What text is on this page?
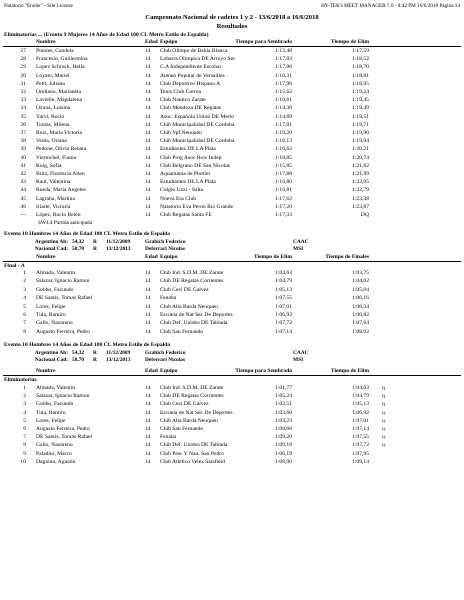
Natatorio "Enoler" - Site License	HY-TEK's MEET MANAGER 7.0 - 8:42 PM 16/6/2018 Página 14
Campeonato Nacional de cadetes 1 y 2 - 13/6/2018 a 16/6/2018
Resultados
Eliminatorias ... (Evento 9 Mujeres 14 Años de Edad 100 CL Metro Estilo de Espalda)
Nombre	Edad Equipo	Tiempo para Sembrado	Tiempo de Elim
27 Pomies, Candela	14 Club Olimpo de Bahía Blanca	1:13,48	1:17,59
28 Francesio, Guillermina	14 Lobarra Olimpica DE Arroyo Sec	1:17,03	1:18,52
29 Lopez Schrock, Hella	14 C.A Independiente Escobar	1:17,06	1:18,70
30 Loyato, Mariel	14 Ateneo Popular de Versailles	1:16,31	1:18,81
31 Petit, Juliana	14 Club Deportivo Hispano A	1:17,96	1:18,95
32 Orellano, Marianela	14 Tenis Club Correa	1:15,62	1:19,24
33 Lavielle, Magdalena	14 Club Nautico Zarate	1:16,61	1:19,45
34 Ozuna, Luisina	14 Club Mendoza DE Regatas	1:14,30	1:19,49
35 Yarvi, Rocio	14 Asoc. Española Union DE Merlo	1:14,89	1:19,51
36 Tomas, Milena	14 Club Municipalidad DE Cordoba	1:17,01	1:19,71
37 Ruiz, María Victoria	14 Club Ypf Neuquén	1:19,20	1:19,90
38 Vedia, Oriana	14 Club Municipalidad DE Cordoba	1:18,13	1:19,94
39 Pedone, Olivia Renata	14 Estudiantes DE LA Plata	1:16,62	1:20,21
40 Viernichel, Fiama	14 Club Prog Asoc Row Indep	1:18,85	1:20,74
41 Roig, Sofia	14 Club Belgrano DE San Nicolas	1:15,85	1:21,82
42 Britz, Florencia Allen	14 Aquamania de Plottier	1:17,88	1:21,99
43 Raul, Valentina	14 Estudiantes DE LA Plata	1:16,80	1:22,05
44 Rueda, Maria Angeles	14 Colgio Uzzi - Salta	1:16,81	1:22,79
45 Lagraba, Martina	14 Nueva Era Club	1:17,62	1:23,38
46 Iriarte, Victoria	14 Natatorio Eva Peron Rio Grande	1:17,20	1:23,87
--- López, Rocio Belén	14 Club Regatas Santa FE	1:17,33	DQ
SW4.4 Partida anticipada
Evento 10 Hombres 14 Años de Edad 100 CL Metro Estilo de Espalda
Argentino Ab: 54,32 R 11/12/2009	Grabich Federico	CAAC
Nacional Cad: 58,70 R 13/12/2013	Deferrari Nicolas	MSI
Nombre	Edad Equipo	Tiempo de Elim	Tiempo de Finales
Final - A
1 Almada, Valentin	14 Club Ind. S.D.M. DE Zarate	1:04,63	1:03,75
2 Salazar, Ignacio Ramon	14 Club DE Regatas Corrientes	1:04,79	1:04,02
3 Gobbo, Facundo	14 Club Ceci DE Galvez	1:05,13	1:05,04
4 DE Santis, Tomas Rafael	14 Fenaba	1:07,55	1:06,16
5 Lores, Felipe	14 Club Alta Barda Neuquen	1:07,01	1:06,34
6 Tula, Ramiro	14 Escuela de Nat Sec De Deportes	1:06,92	1:06,82
7 Gallo, Nazareno	14 Club Def. Unidos DE Tablada	1:07,72	1:07,64
8 Augusto Ferreira, Pedro	14 Club San Fernando	1:07,14	1:08,02
Evento 10 Hombres 14 Años de Edad 100 CL Metro Estilo de Espalda
Argentino Ab: 54,32 R 11/12/2009	Grabich Federico	CAAC
Nacional Cad: 58,70 R 13/12/2013	Deferrari Nicolas	MSI
Nombre	Edad Equipo	Tiempo para Sembrado	Tiempo de Elim
Eliminatorias
1 Almada, Valentin	14 Club Ind. S.D.M. DE Zarate	1:01,77	1:04,63 q
2 Salazar, Ignacio Ramon	14 Club DE Regatas Corrientes	1:05,24	1:04,79 q
3 Gobbo, Facundo	14 Club Ceci DE Galvez	1:02,51	1:05,13 q
4 Tula, Ramiro	14 Escuela de Nat Sec De Deportes	1:03,60	1:06,92 q
5 Lores, Felipe	14 Club Alta Barda Neuquen	1:03,23	1:07,01 q
6 Augusto Ferreira, Pedro	14 Club San Fernando	1:08,66	1:07,14 q
7 DE Santis, Tomas Rafael	14 Fenaba	1:09,20	1:07,55 q
8 Gallo, Nazareno	14 Club Def. Unidos DE Tablada	1:09,18	1:07,72 q
9 Paladini, Marco	14 Club Pesc Y Nau. San Pedro	1:06,19	1:07,95
10 Dagnino, Agustin	14 Club Atlético Velez Sarsfield	1:08,90	1:09,14
